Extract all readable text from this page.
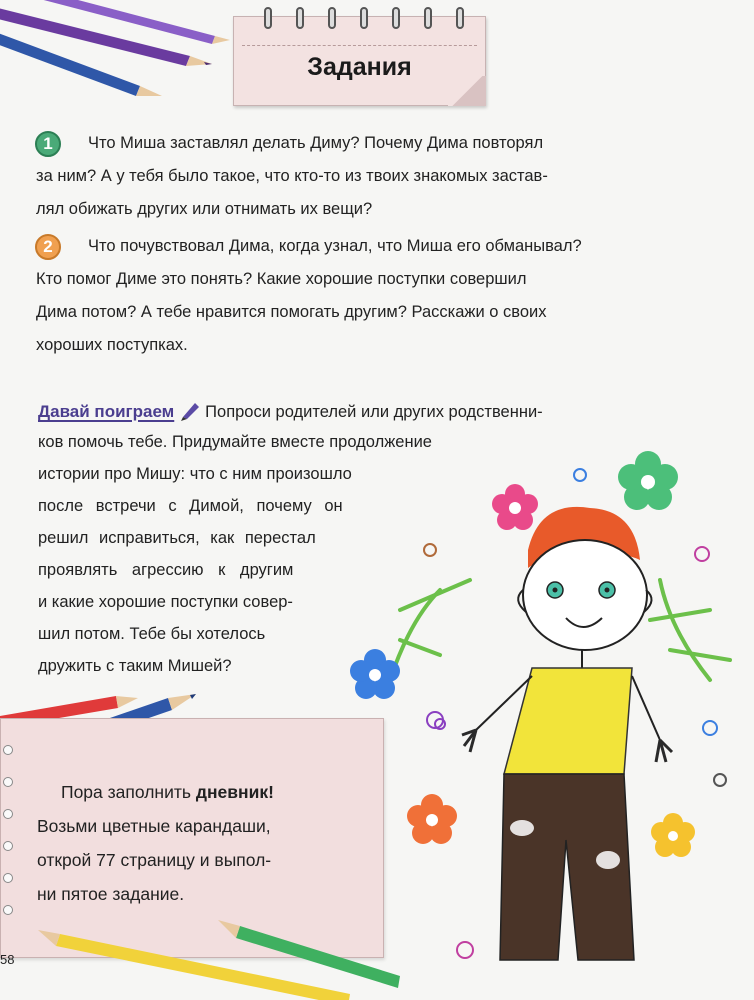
Задания
1	Что Миша заставлял делать Диму? Почему Дима повторял
за ним? А у тебя было такое, что кто-то из твоих знакомых застав-
лял обижать других или отнимать их вещи?
2	Что почувствовал Дима, когда узнал, что Миша его обманывал?
Кто помог Диме это понять? Какие хорошие поступки совершил
Дима потом? А тебе нравится помогать другим? Расскажи о своих
хороших поступках.
Давай поиграем Попроси родителей или других родственни-
ков помочь тебе. Придумайте вместе продолжение
истории про Мишу: что с ним произошло
после встречи с Димой, почему он
решил исправиться, как перестал
проявлять агрессию к другим
и какие хорошие поступки совер-
шил потом. Тебе бы хотелось
дружить с таким Мишей?
Пора заполнить дневник!
Возьми цветные карандаши,
открой 77 страницу и выпол-
ни пятое задание.
58
